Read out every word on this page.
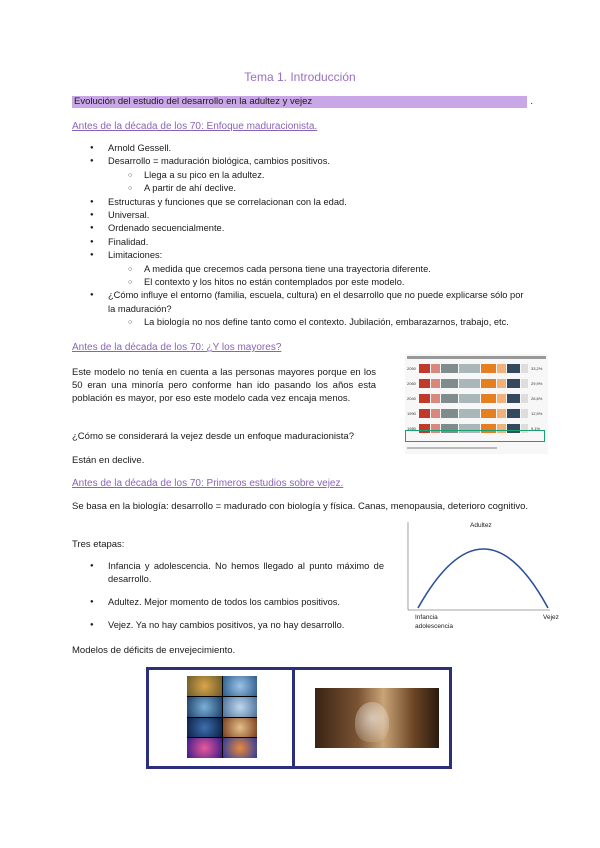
Tema 1. Introducción
Evolución del estudio del desarrollo en la adultez y vejez	.
Antes de la década de los 70: Enfoque maduracionista.
● Arnold Gessell.
● Desarrollo = maduración biológica, cambios positivos.
○ Llega a su pico en la adultez.
○ A partir de ahí declive.
● Estructuras y funciones que se correlacionan con la edad.
● Universal.
● Ordenado secuencialmente.
● Finalidad.
● Limitaciones:
○ A medida que crecemos cada persona tiene una trayectoria diferente.
○ El contexto y los hitos no están contemplados por este modelo.
● ¿Cómo influye el entorno (familia, escuela, cultura) en el desarrollo que no puede explicarse sólo por la maduración?
○ La biología no nos define tanto como el contexto. Jubilación, embarazarnos, trabajo, etc.
Antes de la década de los 70: ¿Y los mayores?
Este modelo no tenía en cuenta a las personas mayores porque en los 50 eran una minoría pero conforme han ido pasando los años esta población es mayor, por eso este modelo cada vez encaja menos.
¿Cómo se considerará la vejez desde un enfoque maduracionista?
Están en declive.
2050	33,2%
2060	29,9%
2040	26,6%
1990	12,5%
1980	9,1%
Antes de la década de los 70: Primeros estudios sobre vejez.
Se basa en la biología: desarrollo = madurado con biología y física. Canas, menopausia, deterioro cognitivo.
Tres etapas:
● Infancia y adolescencia. No hemos llegado al punto máximo de desarrollo.
● Adultez. Mejor momento de todos los cambios positivos.
● Vejez. Ya no hay cambios positivos, ya no hay desarrollo.
Modelos de déficits de envejecimiento.
Adultez
Infancia
adolescencia
Vejez
